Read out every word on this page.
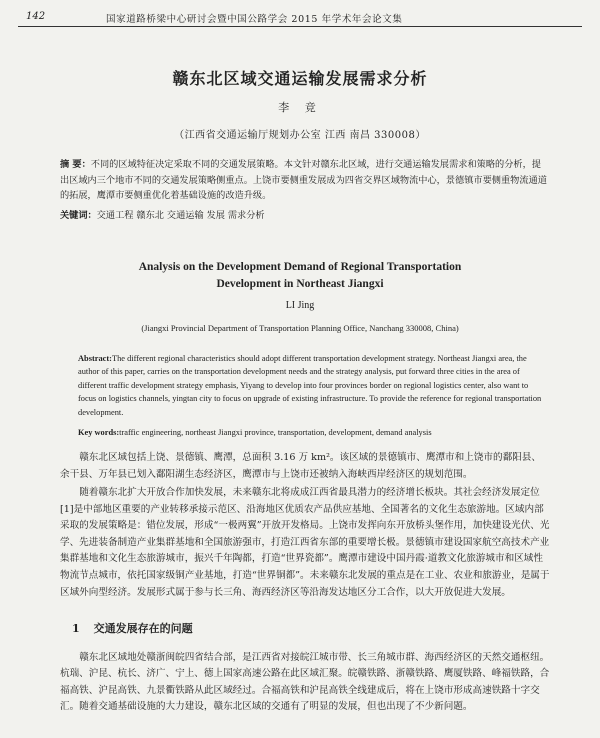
142	国家道路桥梁中心研讨会暨中国公路学会 2015 年学术年会论文集
赣东北区域交通运输发展需求分析
李 竞
（江西省交通运输厅规划办公室 江西 南昌 330008）

摘 要：不同的区域特征决定采取不同的交通发展策略。本文针对赣东北区域，进行交通运输发展需求和策略的分析，提出区域内三个地市不同的交通发展策略侧重点。上饶市要侧重发展成为四省交界区域物流中心，景德镇市要侧重物流通道的拓展，鹰潭市要侧重优化着基础设施的改造升级。

关键词：交通工程 赣东北 交通运输 发展 需求分析
Analysis on the Development Demand of Regional Transportation
Development in Northeast Jiangxi
LI Jing
(Jiangxi Provincial Department of Transportation Planning Office, Nanchang 330008, China)

Abstract:The different regional characteristics should adopt different transportation development strategy. Northeast Jiangxi area, the author of this paper, carries on the transportation development needs and the strategy analysis, put forward three cities in the area of different traffic development strategy emphasis, Yiyang to develop into four provinces border on regional logistics center, also want to focus on logistics channels, yingtan city to focus on upgrade of existing infrastructure. To provide the reference for regional transportation development.

Key words:traffic engineering, northeast Jiangxi province, transportation, development, demand analysis

赣东北区域包括上饶、景德镇、鹰潭，总面积 3.16 万 km²。该区域的景德镇市、鹰潭市和上饶市的鄱阳县、余干县、万年县已划入鄱阳湖生态经济区，鹰潭市与上饶市还被纳入海峡西岸经济区的规划范围。

随着赣东北扩大开放合作加快发展，未来赣东北将成成江西省最具潜力的经济增长板块。其社会经济发展定位[1]是中部地区重要的产业转移承接示范区、沿海地区优质农产品供应基地、全国著名的文化生态旅游地。区域内部采取的发展策略是：错位发展，形成“一极两翼”开放开发格局。上饶市发挥向东开放桥头堡作用，加快建设光伏、光学、先进装备制造产业集群基地和全国旅游强市，打造江西省东部的重要增长极。景德镇市建设国家航空高技术产业集群基地和文化生态旅游城市，振兴千年陶都，打造“世界瓷都”。鹰潭市建设中国丹霞·道教文化旅游城市和区域性物流节点城市，依托国家级铜产业基地，打造“世界铜都”。未来赣东北发展的重点是在工业、农业和旅游业，是属于区域外向型经济。发展形式属于参与长三角、海西经济区等沿海发达地区分工合作，以大开放促进大发展。

1 交通发展存在的问题

赣东北区域地处赣浙闽皖四省结合部，是江西省对接皖江城市带、长三角城市群、海西经济区的天然交通枢纽。杭瑞、沪昆、杭长、济广、宁上、德上国家高速公路在此区域汇聚。皖赣铁路、浙赣铁路、鹰厦铁路、峰福铁路，合福高铁、沪昆高铁、九景衢铁路从此区域经过。合福高铁和沪昆高铁全线建成后，将在上饶市形成高速铁路十字交汇。随着交通基础设施的大力建设，赣东北区域的交通有了明显的发展，但也出现了不少新问题。
